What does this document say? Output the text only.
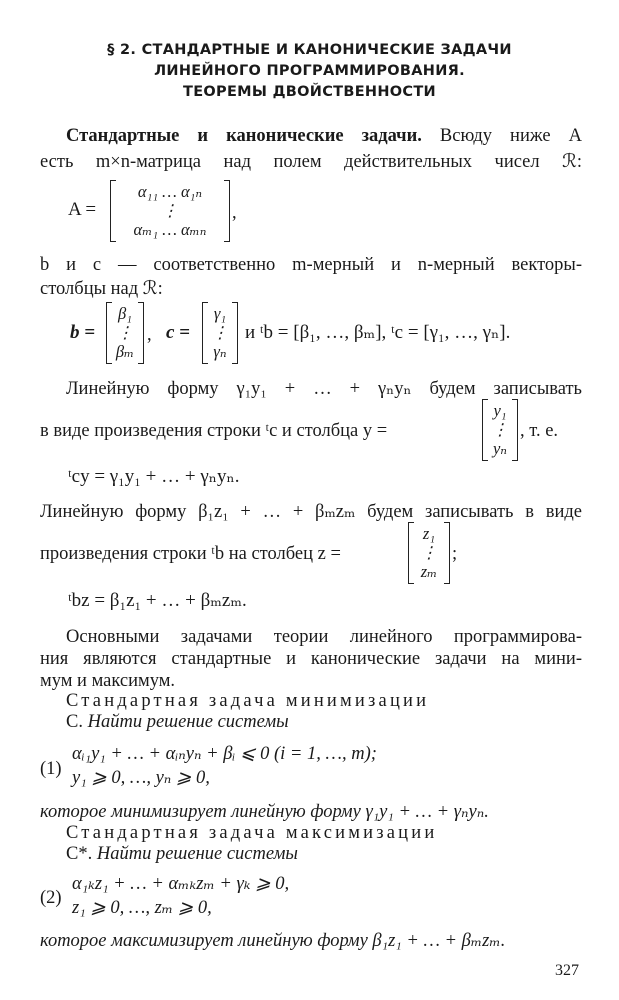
§ 2. СТАНДАРТНЫЕ И КАНОНИЧЕСКИЕ ЗАДАЧИ
ЛИНЕЙНОГО ПРОГРАММИРОВАНИЯ.
ТЕОРЕМЫ ДВОЙСТВЕННОСТИ
Стандартные и канонические задачи. Всюду ниже A
есть m×n-матрица над полем действительных чисел ℛ:
A =
α₁₁ … α₁ₙ
⋮
αₘ₁ … αₘₙ
,
b и c — соответственно m-мерный и n-мерный векторы-
столбцы над ℛ:
b =
β₁
⋮
βₘ
, c =
γ₁
⋮
γₙ
и ᵗb = [β₁, …, βₘ], ᵗc = [γ₁, …, γₙ].
Линейную форму γ₁y₁ + … + γₙyₙ будем записывать
в виде произведения строки ᵗc и столбца y =
y₁
⋮
yₙ
, т. е.
ᵗcy = γ₁y₁ + … + γₙyₙ.
Линейную форму β₁z₁ + … + βₘzₘ будем записывать в виде
произведения строки ᵗb на столбец z =
z₁
⋮
zₘ
;
ᵗbz = β₁z₁ + … + βₘzₘ.
Основными задачами теории линейного программирова-
ния являются стандартные и канонические задачи на мини-
мум и максимум.
Стандартная задача минимизации
С. Найти решение системы
(1)
αᵢ₁y₁ + … + αᵢₙyₙ + βᵢ ⩽ 0 (i = 1, …, m);
y₁ ⩾ 0, …, yₙ ⩾ 0,
которое минимизирует линейную форму γ₁y₁ + … + γₙyₙ.
Стандартная задача максимизации
С*. Найти решение системы
(2)
α₁ₖz₁ + … + αₘₖzₘ + γₖ ⩾ 0,
z₁ ⩾ 0, …, zₘ ⩾ 0,
которое максимизирует линейную форму β₁z₁ + … + βₘzₘ.
327
